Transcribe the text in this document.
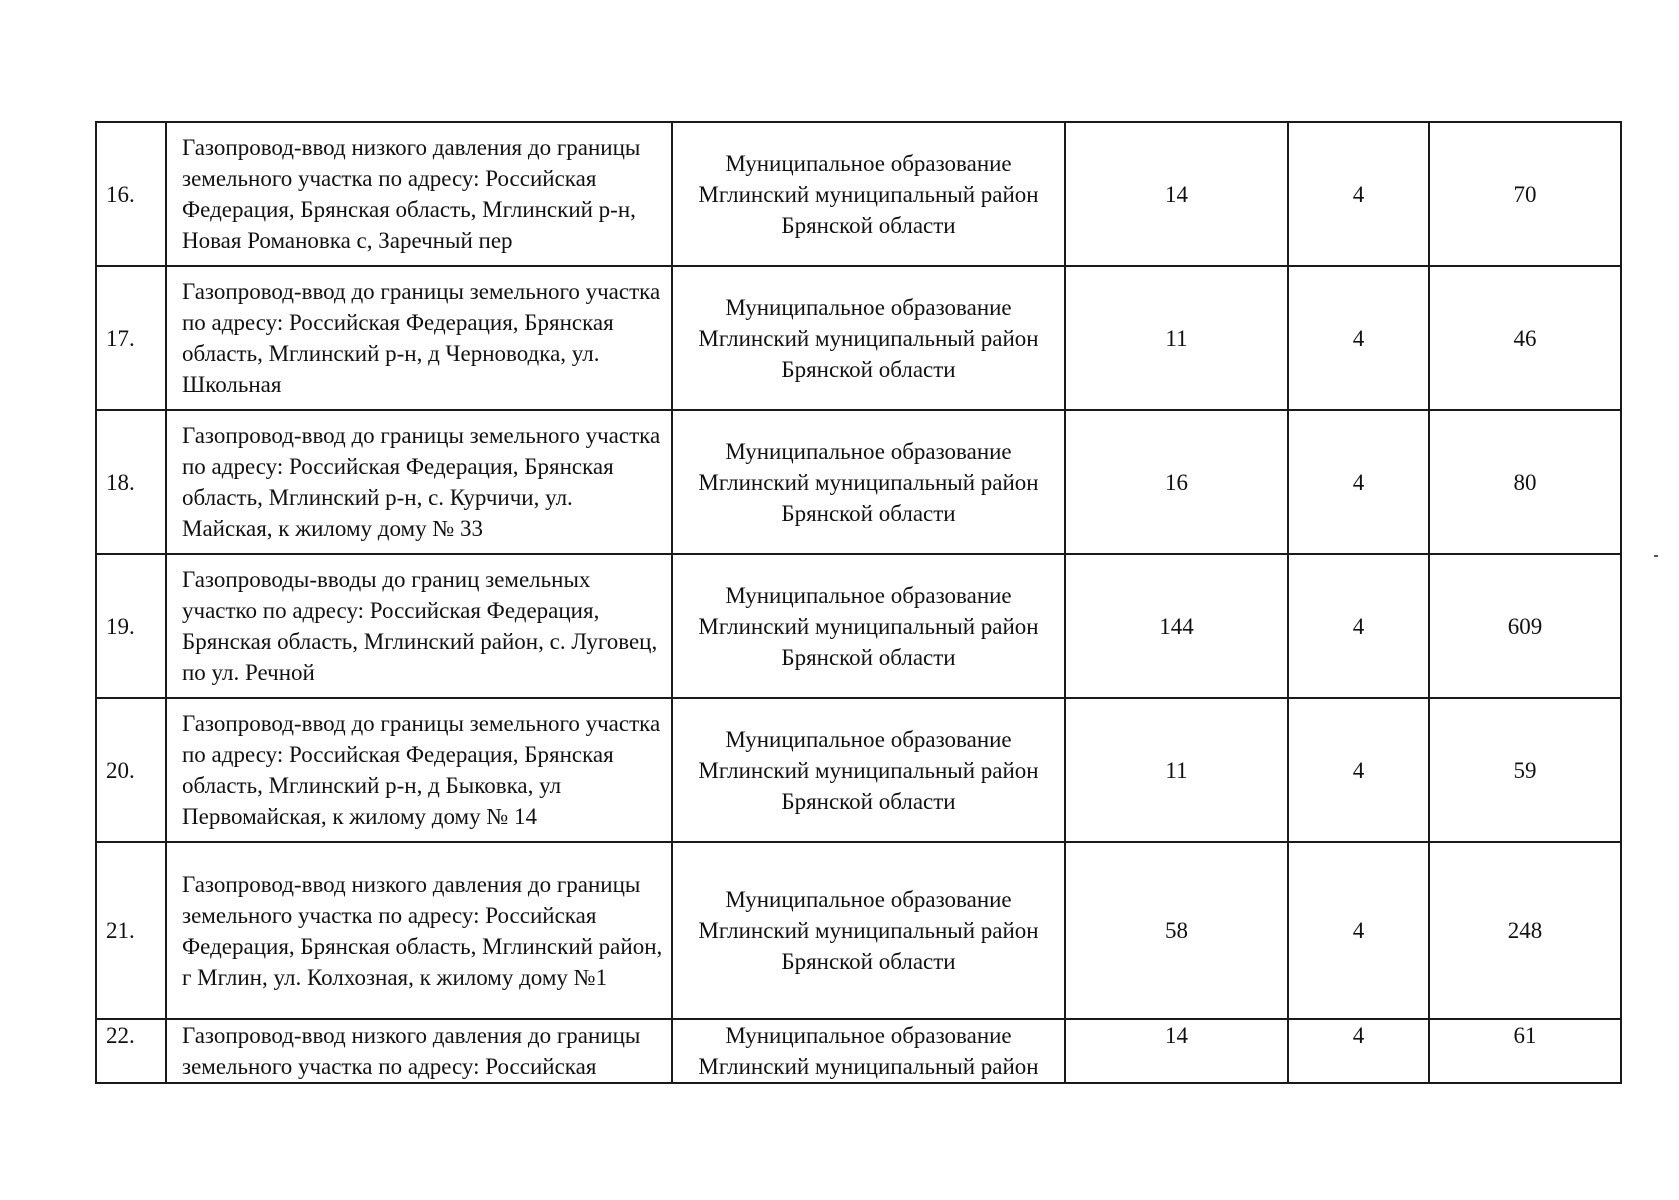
16.	Газопровод-ввод низкого давления до границы земельного участка по адресу: Российская Федерация, Брянская область, Мглинский р-н, Новая Романовка с, Заречный пер	Муниципальное образование Мглинский муниципальный район Брянской области	14	4	70
17.	Газопровод-ввод до границы земельного участка по адресу: Российская Федерация, Брянская область, Мглинский р-н, д Черноводка, ул. Школьная	Муниципальное образование Мглинский муниципальный район Брянской области	11	4	46
18.	Газопровод-ввод до границы земельного участка по адресу: Российская Федерация, Брянская область, Мглинский р-н, с. Курчичи, ул. Майская, к жилому дому № 33	Муниципальное образование Мглинский муниципальный район Брянской области	16	4	80
19.	Газопроводы-вводы до границ земельных участко по адресу: Российская Федерация, Брянская область, Мглинский район, с. Луговец, по ул. Речной	Муниципальное образование Мглинский муниципальный район Брянской области	144	4	609
20.	Газопровод-ввод до границы земельного участка по адресу: Российская Федерация, Брянская область, Мглинский р-н, д Быковка, ул Первомайская, к жилому дому № 14	Муниципальное образование Мглинский муниципальный район Брянской области	11	4	59
21.	Газопровод-ввод низкого давления до границы земельного участка по адресу: Российская Федерация, Брянская область, Мглинский район, г Мглин, ул. Колхозная, к жилому дому №1	Муниципальное образование Мглинский муниципальный район Брянской области	58	4	248
22.	Газопровод-ввод низкого давления до границы земельного участка по адресу: Российская	Муниципальное образование Мглинский муниципальный район	14	4	61
